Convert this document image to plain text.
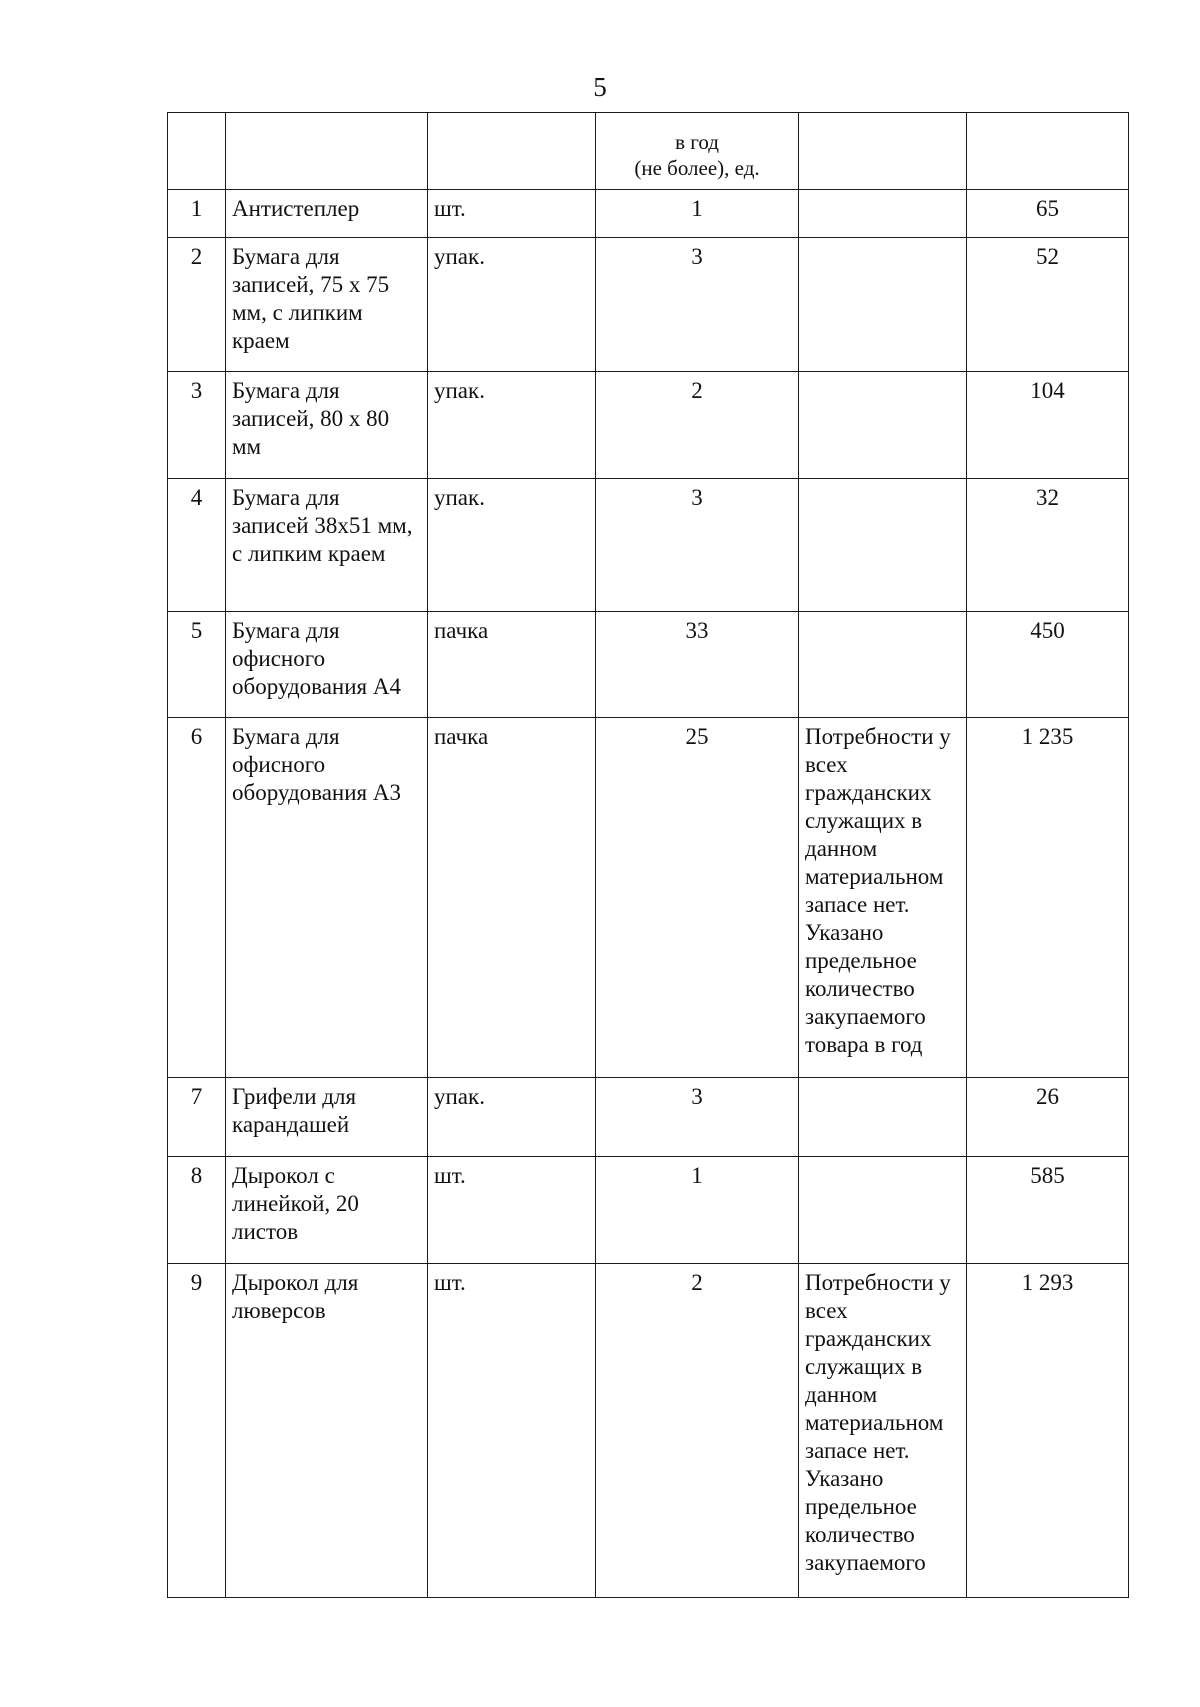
5

			в год
(не более), ед.		

1	Антистеплер	шт.	1		65
2	Бумага для записей, 75 х 75 мм, с липким краем	упак.	3		52
3	Бумага для записей, 80 х 80 мм	упак.	2		104
4	Бумага для записей 38х51 мм, с липким краем	упак.	3		32
5	Бумага для офисного оборудования А4	пачка	33		450
6	Бумага для офисного оборудования А3	пачка	25	Потребности у всех гражданских служащих в данном материальном запасе нет. Указано предельное количество закупаемого товара в год	1 235
7	Грифели для карандашей	упак.	3		26
8	Дырокол с линейкой, 20 листов	шт.	1		585
9	Дырокол для люверсов	шт.	2	Потребности у всех гражданских служащих в данном материальном запасе нет. Указано предельное количество закупаемого	1 293
